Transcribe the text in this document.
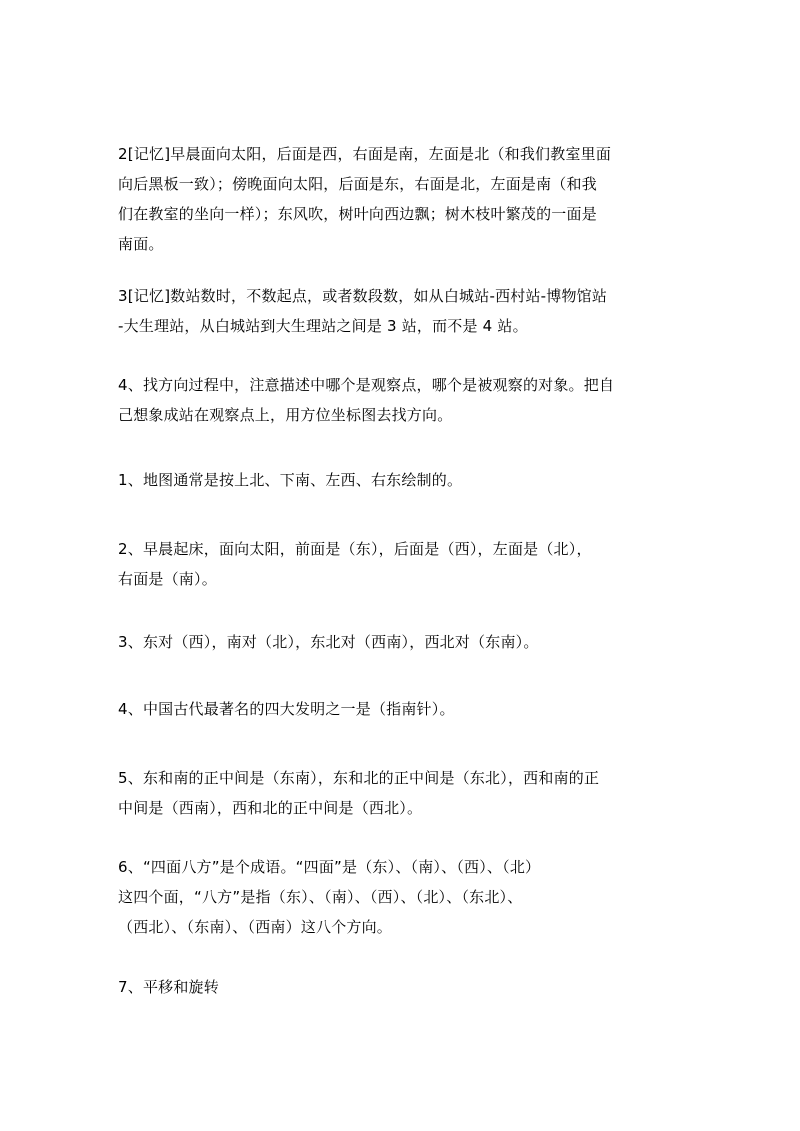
2[记忆]早晨面向太阳，后面是西，右面是南，左面是北（和我们教室里面
向后黑板一致）；傍晚面向太阳，后面是东，右面是北，左面是南（和我
们在教室的坐向一样）；东风吹，树叶向西边飘；树木枝叶繁茂的一面是
南面。
3[记忆]数站数时，不数起点，或者数段数，如从白城站-西村站-博物馆站
-大生理站，从白城站到大生理站之间是 3 站，而不是 4 站。
4、找方向过程中，注意描述中哪个是观察点，哪个是被观察的对象。把自
己想象成站在观察点上，用方位坐标图去找方向。
1、地图通常是按上北、下南、左西、右东绘制的。
2、早晨起床，面向太阳，前面是（东），后面是（西），左面是（北），
右面是（南）。
3、东对（西），南对（北），东北对（西南），西北对（东南）。
4、中国古代最著名的四大发明之一是（指南针）。
5、东和南的正中间是（东南），东和北的正中间是（东北），西和南的正
中间是（西南），西和北的正中间是（西北）。
6、“四面八方”是个成语。“四面”是（东）、（南）、（西）、（北）
这四个面，“八方”是指（东）、（南）、（西）、（北）、（东北）、
（西北）、（东南）、（西南）这八个方向。
7、平移和旋转
